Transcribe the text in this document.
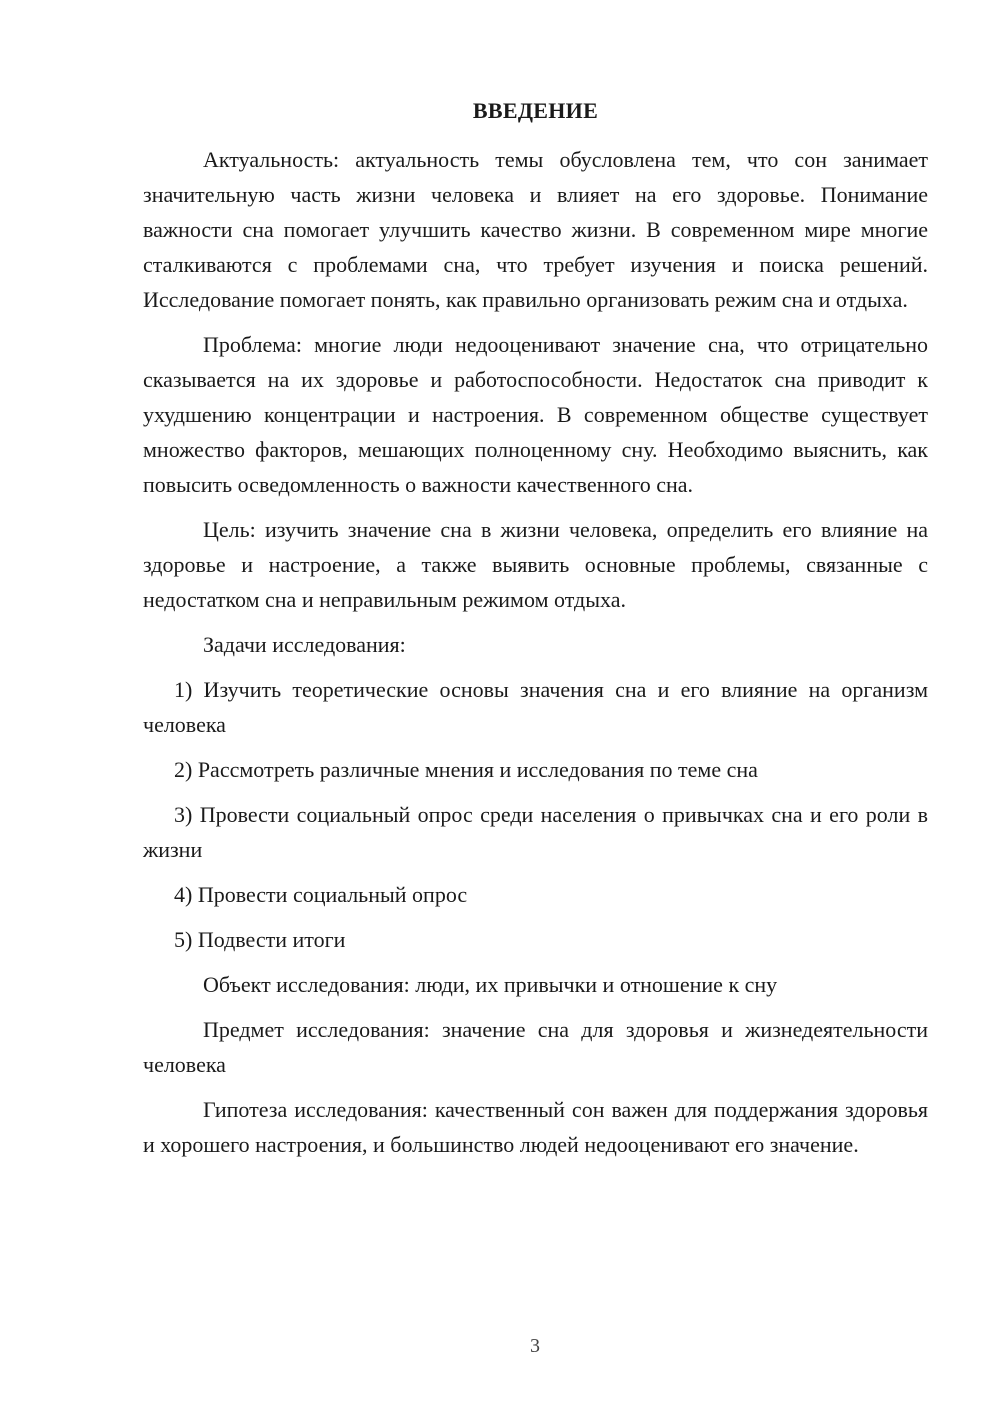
ВВЕДЕНИЕ

Актуальность: актуальность темы обусловлена тем, что сон занимает значительную часть жизни человека и влияет на его здоровье. Понимание важности сна помогает улучшить качество жизни. В современном мире многие сталкиваются с проблемами сна, что требует изучения и поиска решений. Исследование помогает понять, как правильно организовать режим сна и отдыха.

Проблема: многие люди недооценивают значение сна, что отрицательно сказывается на их здоровье и работоспособности. Недостаток сна приводит к ухудшению концентрации и настроения. В современном обществе существует множество факторов, мешающих полноценному сну. Необходимо выяснить, как повысить осведомленность о важности качественного сна.

Цель: изучить значение сна в жизни человека, определить его влияние на здоровье и настроение, а также выявить основные проблемы, связанные с недостатком сна и неправильным режимом отдыха.

Задачи исследования:

1) Изучить теоретические основы значения сна и его влияние на организм человека

2) Рассмотреть различные мнения и исследования по теме сна

3) Провести социальный опрос среди населения о привычках сна и его роли в жизни

4) Провести социальный опрос

5) Подвести итоги

Объект исследования: люди, их привычки и отношение к сну

Предмет исследования: значение сна для здоровья и жизнедеятельности человека

Гипотеза исследования: качественный сон важен для поддержания здоровья и хорошего настроения, и большинство людей недооценивают его значение.

3
